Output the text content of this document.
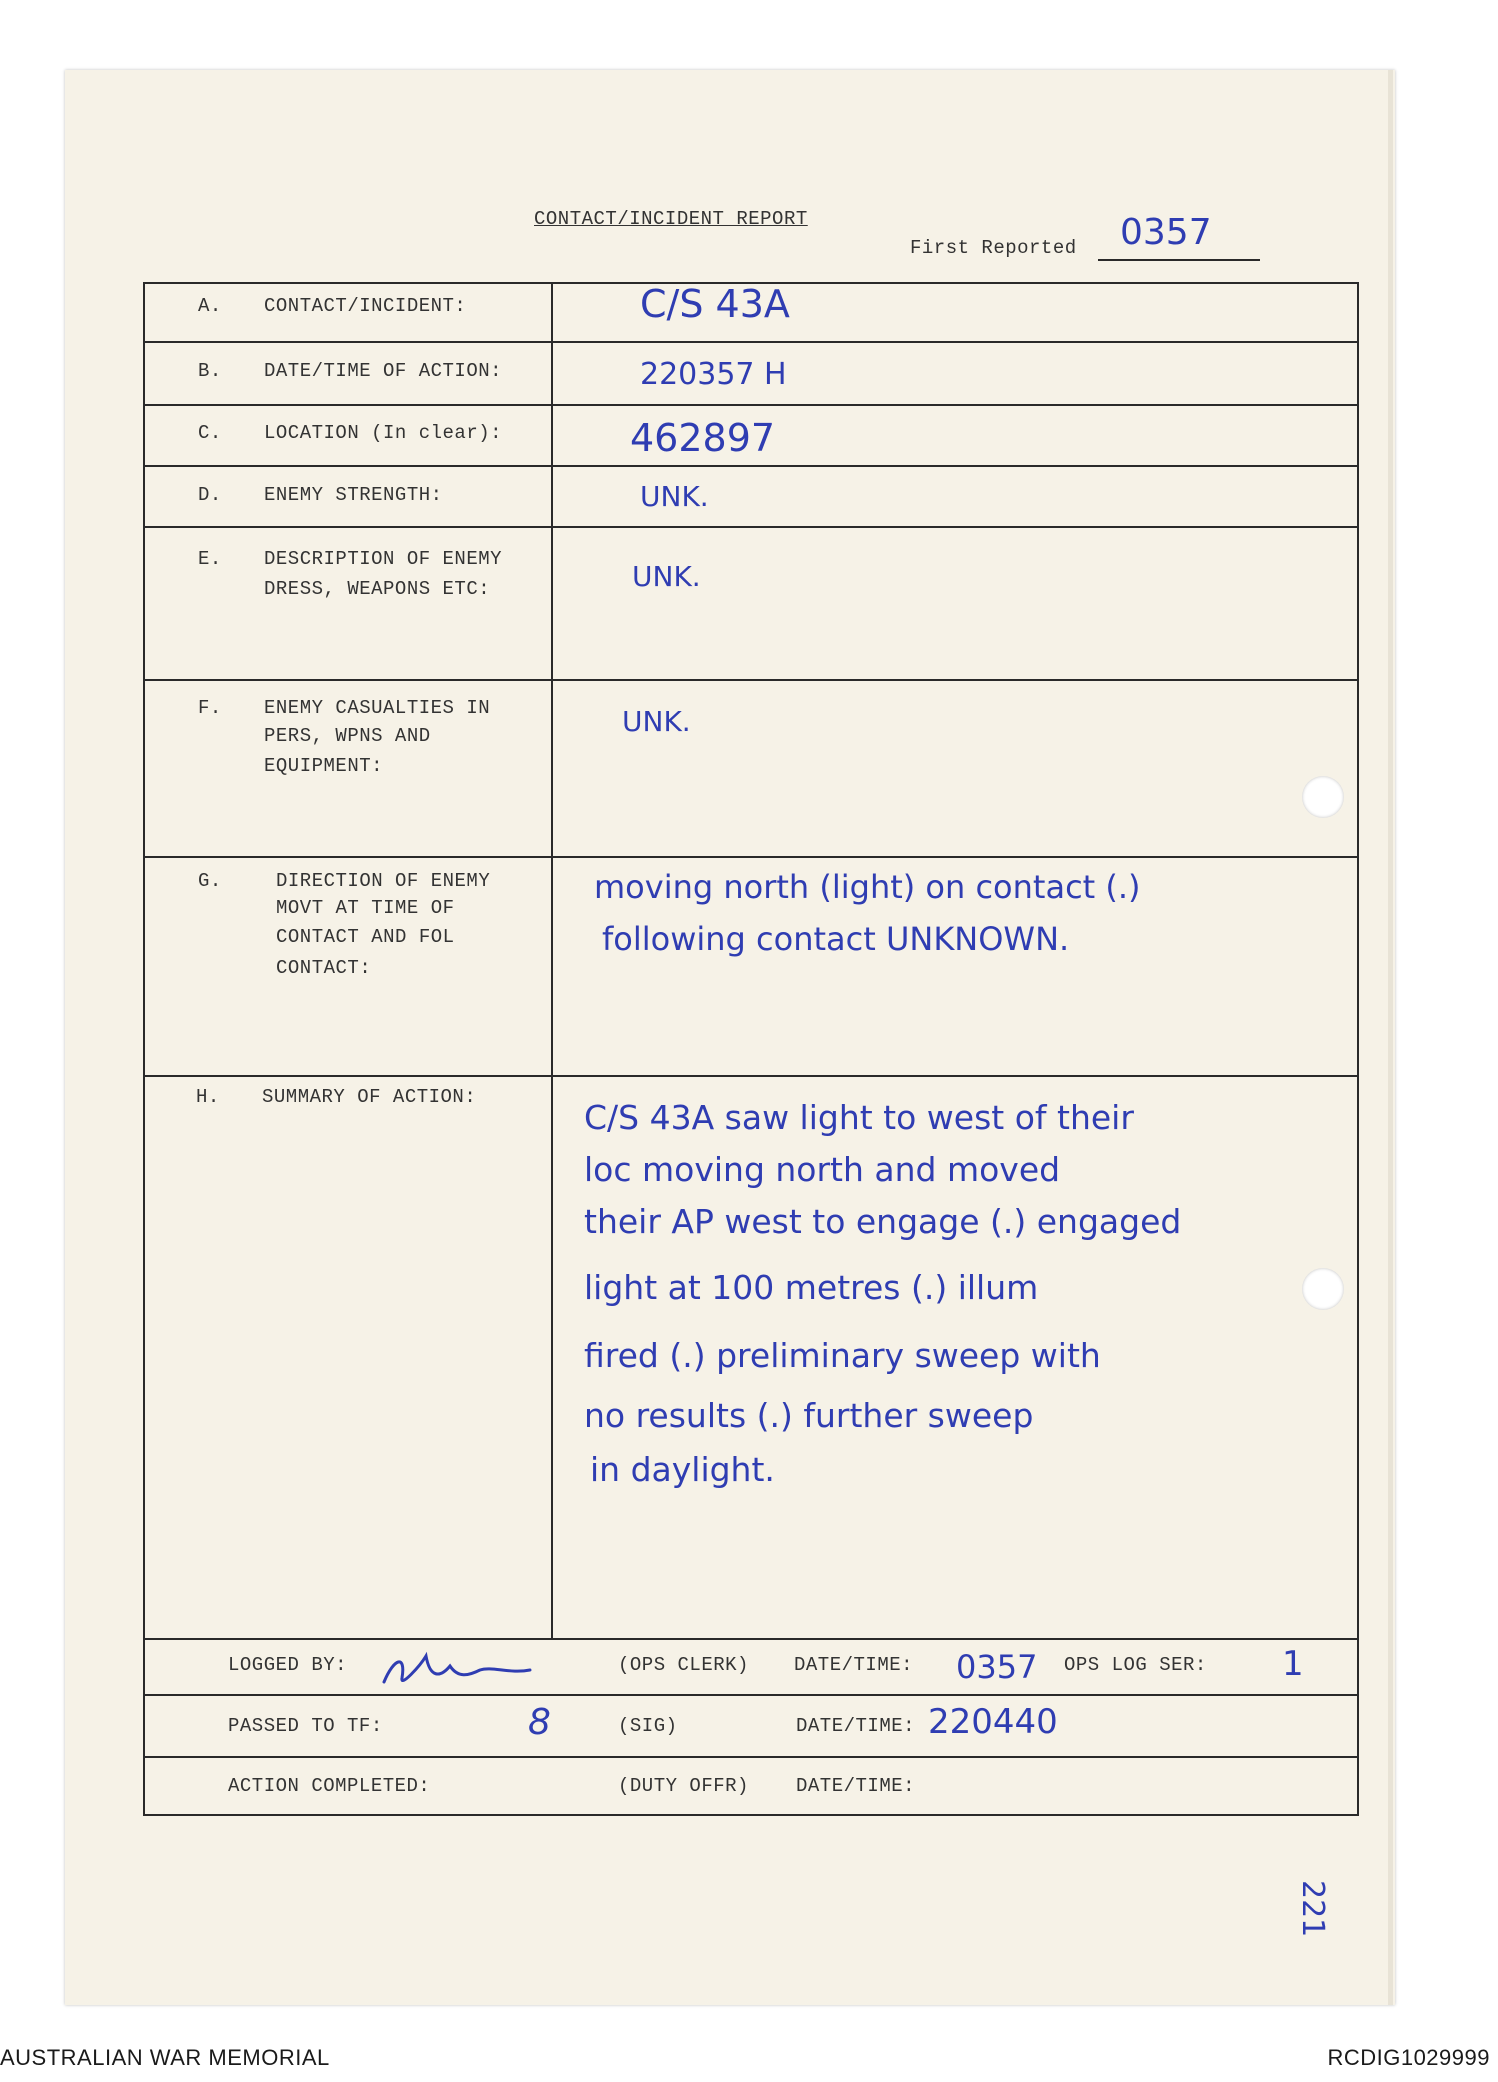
CONTACT/INCIDENT REPORT
First Reported 0357
A. CONTACT/INCIDENT:	C/S 43A
B. DATE/TIME OF ACTION:	220357 H
C. LOCATION (In clear):	462897
D. ENEMY STRENGTH:	UNK.
E. DESCRIPTION OF ENEMY
DRESS, WEAPONS ETC:	UNK.
F. ENEMY CASUALTIES IN
PERS, WPNS AND
EQUIPMENT:
UNK.
G.	DIRECTION OF ENEMY
MOVT AT TIME OF
CONTACT AND FOL
CONTACT:
moving north (light) on contact (.)
following contact UNKNOWN.
H. SUMMARY OF ACTION:
C/S 43A saw light to west of their
loc moving north and moved
their AP west to engage (.) engaged
light at 100 metres (.) illum
fired (.) preliminary sweep with
no results (.) further sweep
in daylight.
LOGGED BY:	(OPS CLERK) DATE/TIME: 0357 OPS LOG SER: 1
PASSED TO TF:	8	(SIG)	DATE/TIME: 220440
ACTION COMPLETED:	(DUTY OFFR) DATE/TIME:
221
AUSTRALIAN WAR MEMORIAL	RCDIG1029999
